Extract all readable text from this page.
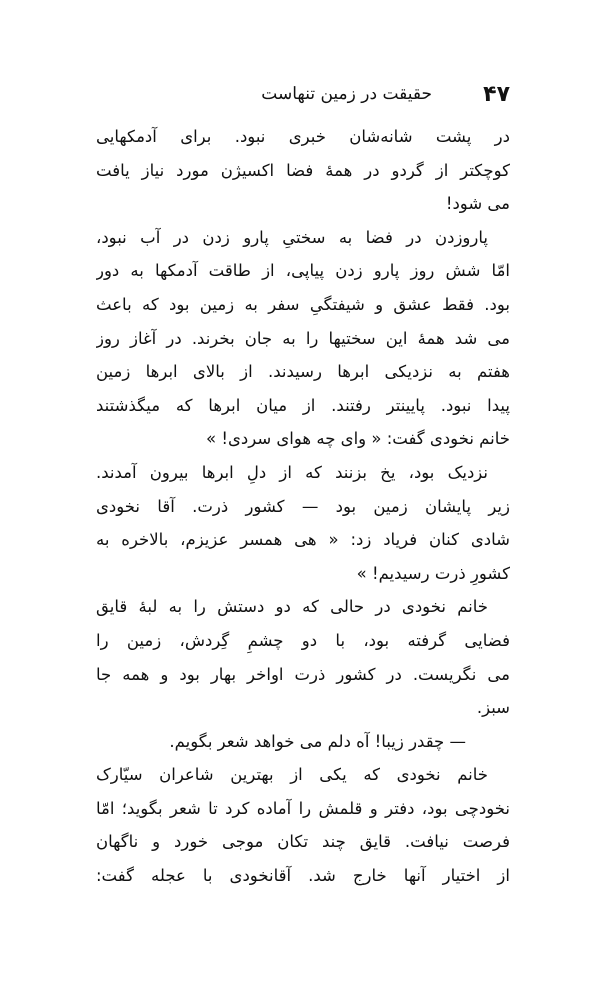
۴۷
حقیقت در زمین تنهاست
در پشت شانه‌شان خبری نبود. برای آدمکهایی
کوچکتر از گردو در همهٔ فضا اکسیژن مورد نیاز یافت
می شود!
پاروزدن در فضا به سختیِ پارو زدن در آب نبود،
امّا شش روز پارو زدن پیاپی، از طاقت آدمکها به دور
بود. فقط عشق و شیفتگیِ سفر به زمین بود که باعث
می شد همهٔ این سختیها را به جان بخرند. در آغاز روز
هفتم به نزدیکی ابرها رسیدند. از بالای ابرها زمین
پیدا نبود. پایینتر رفتند. از میان ابرها که میگذشتند
خانم نخودی گفت: « وای چه هوای سردی! »
نزدیک بود، یخ بزنند که از دلِ ابرها بیرون آمدند.
زیر پایشان زمین بود — کشور ذرت. آقا نخودی
شادی کنان فریاد زد: « هی همسر عزیزم، بالاخره به
کشورِ ذرت رسیدیم! »
خانم نخودی در حالی که دو دستش را به لبهٔ قایق
فضایی گرفته بود، با دو چشمِ گِردش، زمین را
می نگریست. در کشور ذرت اواخر بهار بود و همه جا
سبز.
— چقدر زیبا! آه دلم می خواهد شعر بگویم.
خانم نخودی که یکی از بهترین شاعران سیّارک
نخودچی بود، دفتر و قلمش را آماده کرد تا شعر بگوید؛ امّا
فرصت نیافت. قایق چند تکان موجی خورد و ناگهان
از اختیار آنها خارج شد. آقانخودی با عجله گفت:
